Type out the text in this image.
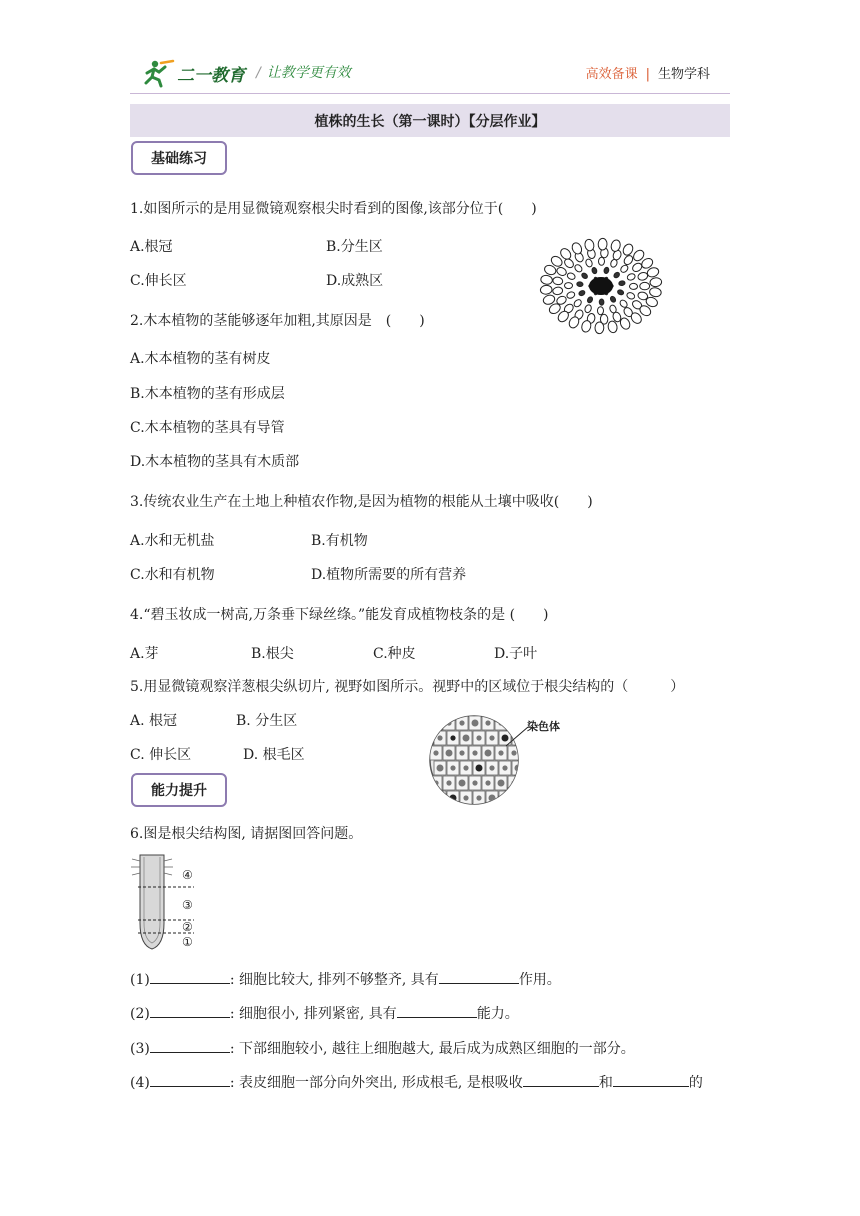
二一教育 / 让教学更有效	高效备课 | 生物学科
植株的生长（第一课时）【分层作业】
基础练习
1.如图所示的是用显微镜观察根尖时看到的图像,该部分位于(　　)
A.根冠	B.分生区
C.伸长区	D.成熟区
2.木本植物的茎能够逐年加粗,其原因是　(　　)
A.木本植物的茎有树皮
B.木本植物的茎有形成层
C.木本植物的茎具有导管
D.木本植物的茎具有木质部
3.传统农业生产在土地上种植农作物,是因为植物的根能从土壤中吸收(　　)
A.水和无机盐	B.有机物
C.水和有机物	D.植物所需要的所有营养
4.“碧玉妆成一树高,万条垂下绿丝绦。”能发育成植物枝条的是 (　　)
A.芽	B.根尖	C.种皮	D.子叶
5.用显微镜观察洋葱根尖纵切片, 视野如图所示。视野中的区域位于根尖结构的（　　　）
A. 根冠	B. 分生区
C. 伸长区	D. 根毛区
染色体
能力提升
6.图是根尖结构图, 请据图回答问题。
④
③
②
①
(1)	: 细胞比较大, 排列不够整齐, 具有	作用。
(2)	: 细胞很小, 排列紧密, 具有	能力。
(3)	: 下部细胞较小, 越往上细胞越大, 最后成为成熟区细胞的一部分。
(4)	: 表皮细胞一部分向外突出, 形成根毛, 是根吸收	和	的
